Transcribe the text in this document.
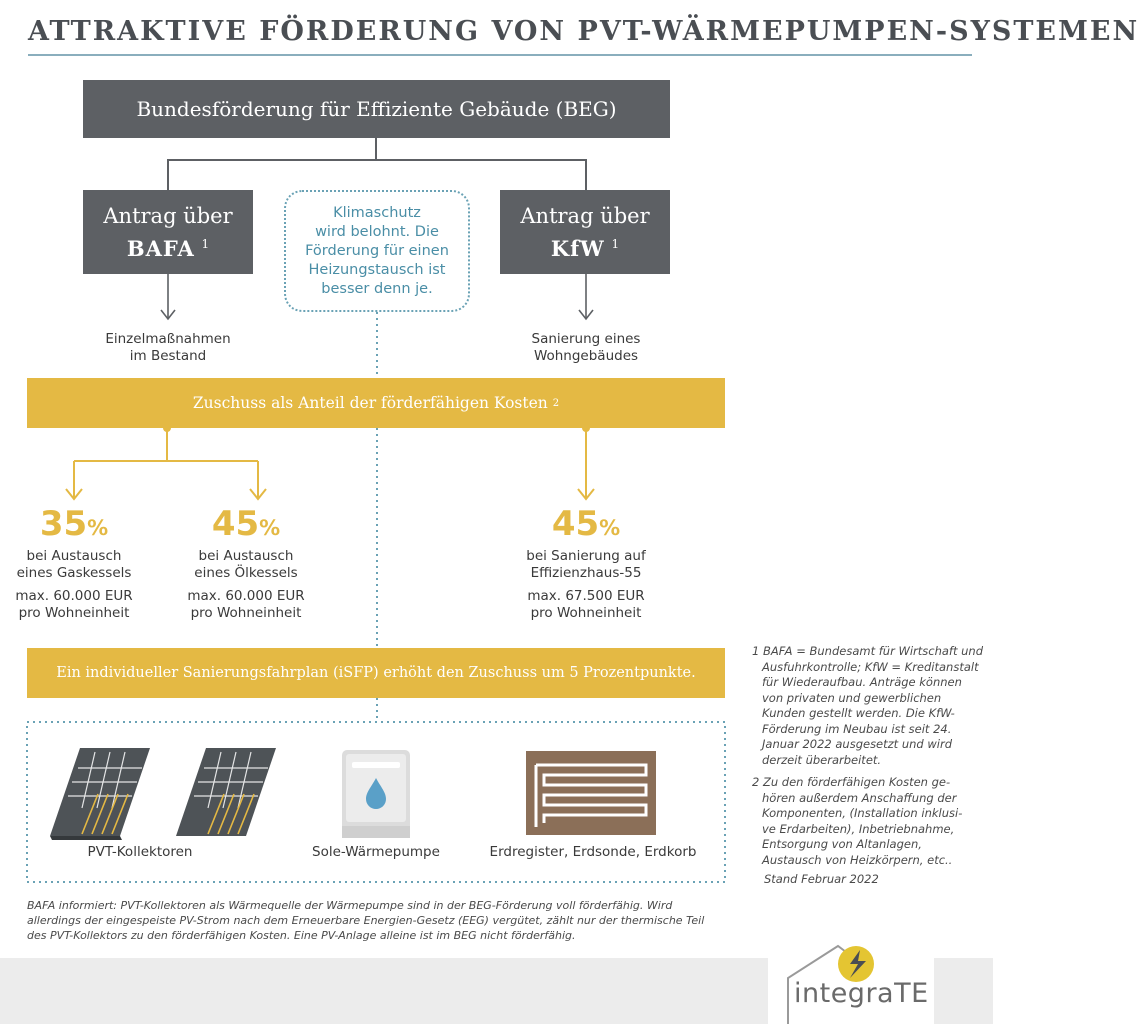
ATTRAKTIVE FÖRDERUNG VON PVT-WÄRMEPUMPEN-SYSTEMEN
Bundesförderung für Effiziente Gebäude (BEG)
Antrag über
BAFA $^1$
Antrag über
KfW $^1$
Klimaschutz
wird belohnt. Die
Förderung für einen
Heizungstausch ist
besser denn je.
Einzelmaßnahmen
im Bestand
Sanierung eines
Wohngebäudes
Zuschuss als Anteil der förderfähigen Kosten
2
35%
bei Austausch
eines Gaskessels
max. 60.000 EUR
pro Wohneinheit
45%
bei Austausch
eines Ölkessels
max. 60.000 EUR
pro Wohneinheit
45%
bei Sanierung auf
Effizienzhaus-55
max. 67.500 EUR
pro Wohneinheit
Ein individueller Sanierungsfahrplan (iSFP) erhöht den Zuschuss um 5 Prozentpunkte.
PVT-Kollektoren	Sole-Wärmepumpe	Erdregister, Erdsonde, Erdkorb
1 BAFA = Bundesamt für Wirtschaft und
Ausfuhrkontrolle; KfW = Kreditanstalt
für Wiederaufbau. Anträge können
von privaten und gewerblichen
Kunden gestellt werden. Die KfW-
Förderung im Neubau ist seit 24.
Januar 2022 ausgesetzt und wird
derzeit überarbeitet.
2 Zu den förderfähigen Kosten ge-
hören außerdem Anschaffung der
Komponenten, (Installation inklusi-
ve Erdarbeiten), Inbetriebnahme,
Entsorgung von Altanlagen,
Austausch von Heizkörpern, etc..
Stand Februar 2022
BAFA informiert: PVT-Kollektoren als Wärmequelle der Wärmepumpe sind in der BEG-Förderung voll förderfähig. Wird
allerdings der eingespeiste PV-Strom nach dem Erneuerbare Energien-Gesetz (EEG) vergütet, zählt nur der thermische Teil
des PVT-Kollektors zu den förderfähigen Kosten. Eine PV-Anlage alleine ist im BEG nicht förderfähig.
integraTE
